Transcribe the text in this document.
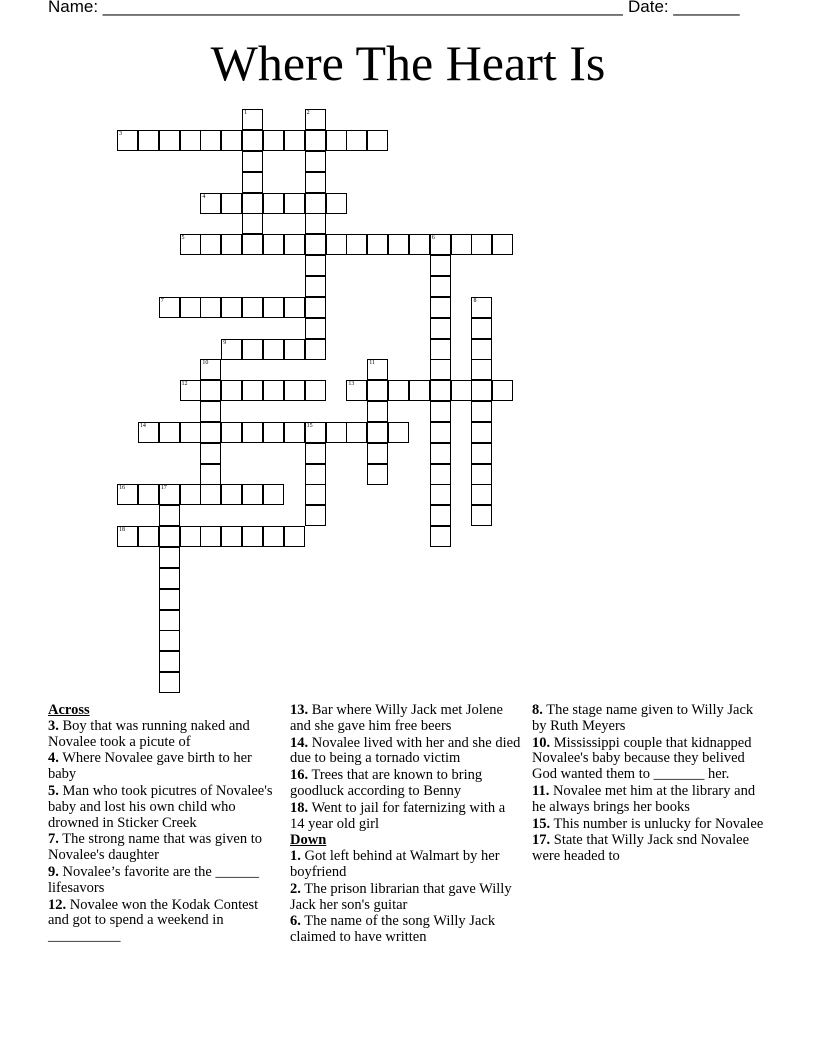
Name: _______________________________________________________ Date: _______
Where The Heart Is
3
4
5	6
7
9
12	13
14	15
16	17
18
1	2
8
10	11
Across
3. Boy that was running naked and Novalee took a picute of
4. Where Novalee gave birth to her baby
5. Man who took picutres of Novalee's baby and lost his own child who drowned in Sticker Creek
7. The strong name that was given to Novalee's daughter
9. Novalee’s favorite are the ______ lifesavors
12. Novalee won the Kodak Contest and got to spend a weekend in __________
13. Bar where Willy Jack met Jolene and she gave him free beers
14. Novalee lived with her and she died due to being a tornado victim
16. Trees that are known to bring goodluck according to Benny
18. Went to jail for faternizing with a 14 year old girl
Down
1. Got left behind at Walmart by her boyfriend
2. The prison librarian that gave Willy Jack her son's guitar
6. The name of the song Willy Jack claimed to have written
8. The stage name given to Willy Jack by Ruth Meyers
10. Mississippi couple that kidnapped Novalee's baby because they belived God wanted them to _______ her.
11. Novalee met him at the library and he always brings her books
15. This number is unlucky for Novalee
17. State that Willy Jack snd Novalee were headed to
